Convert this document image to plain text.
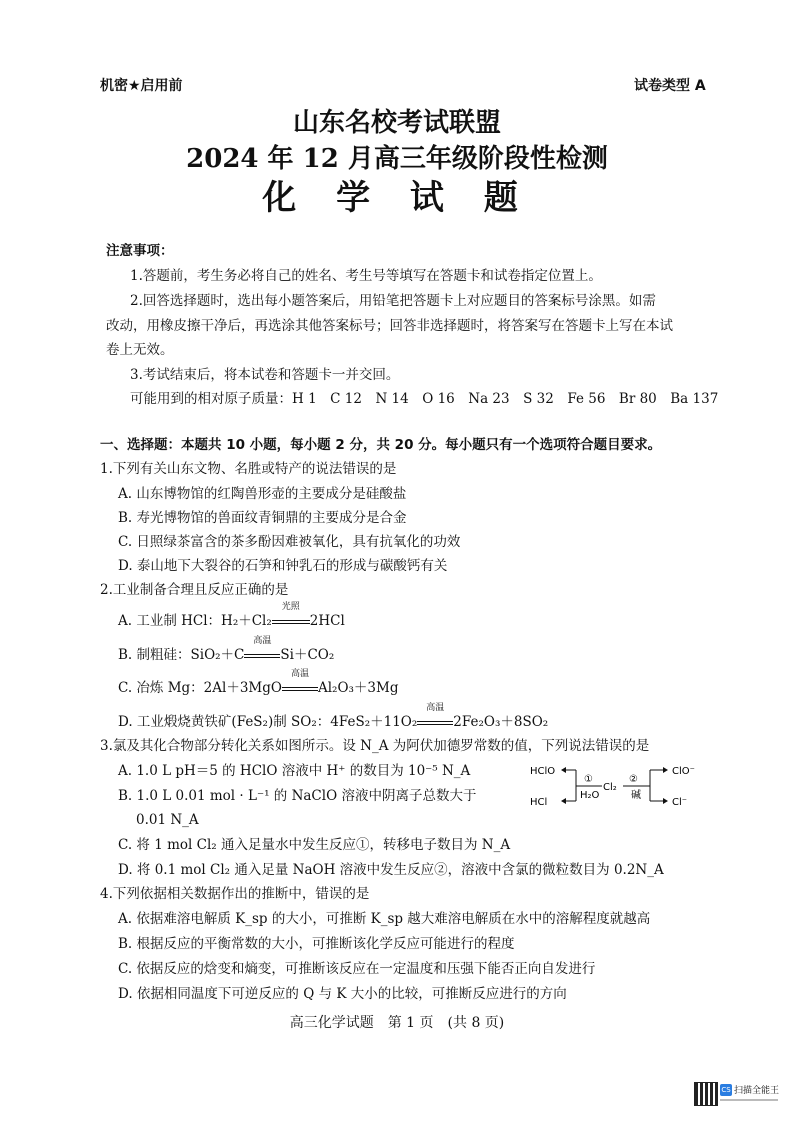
机密★启用前	试卷类型 A
山东名校考试联盟
2024 年 12 月高三年级阶段性检测
化 学 试 题
注意事项：
1.答题前，考生务必将自己的姓名、考生号等填写在答题卡和试卷指定位置上。
2.回答选择题时，选出每小题答案后，用铅笔把答题卡上对应题目的答案标号涂黑。如需
改动，用橡皮擦干净后，再选涂其他答案标号；回答非选择题时，将答案写在答题卡上写在本试
卷上无效。
3.考试结束后，将本试卷和答题卡一并交回。
可能用到的相对原子质量：H 1　C 12　N 14　O 16　Na 23　S 32　Fe 56　Br 80　Ba 137
一、选择题：本题共 10 小题，每小题 2 分，共 20 分。每小题只有一个选项符合题目要求。
1.下列有关山东文物、名胜或特产的说法错误的是
A. 山东博物馆的红陶兽形壶的主要成分是硅酸盐
B. 寿光博物馆的兽面纹青铜鼎的主要成分是合金
C. 日照绿茶富含的茶多酚因难被氧化，具有抗氧化的功效
D. 泰山地下大裂谷的石笋和钟乳石的形成与碳酸钙有关
2.工业制备合理且反应正确的是
A. 工业制 HCl：H₂＋Cl₂
光照
2HCl
B. 制粗硅：SiO₂＋C
高温
Si＋CO₂
C. 冶炼 Mg：2Al＋3MgO
高温
Al₂O₃＋3Mg
D. 工业煅烧黄铁矿(FeS₂)制 SO₂：4FeS₂＋11O₂
高温
2Fe₂O₃＋8SO₂
3.氯及其化合物部分转化关系如图所示。设 N_A 为阿伏加德罗常数的值，下列说法错误的是
A. 1.0 L pH＝5 的 HClO 溶液中 H⁺ 的数目为 10⁻⁵ N_A
B. 1.0 L 0.01 mol · L⁻¹ 的 NaClO 溶液中阴离子总数大于
0.01 N_A
C. 将 1 mol Cl₂ 通入足量水中发生反应①，转移电子数目为 N_A
D. 将 0.1 mol Cl₂ 通入足量 NaOH 溶液中发生反应②，溶液中含氯的微粒数目为 0.2N_A
HClO
HCl
①
H₂O
Cl₂
②
碱
ClO⁻
Cl⁻
4.下列依据相关数据作出的推断中，错误的是
A. 依据难溶电解质 K_sp 的大小，可推断 K_sp 越大难溶电解质在水中的溶解程度就越高
B. 根据反应的平衡常数的大小，可推断该化学反应可能进行的程度
C. 依据反应的焓变和熵变，可推断该反应在一定温度和压强下能否正向自发进行
D. 依据相同温度下可逆反应的 Q 与 K 大小的比较，可推断反应进行的方向
高三化学试题　第 1 页　(共 8 页)
CS 扫描全能王
